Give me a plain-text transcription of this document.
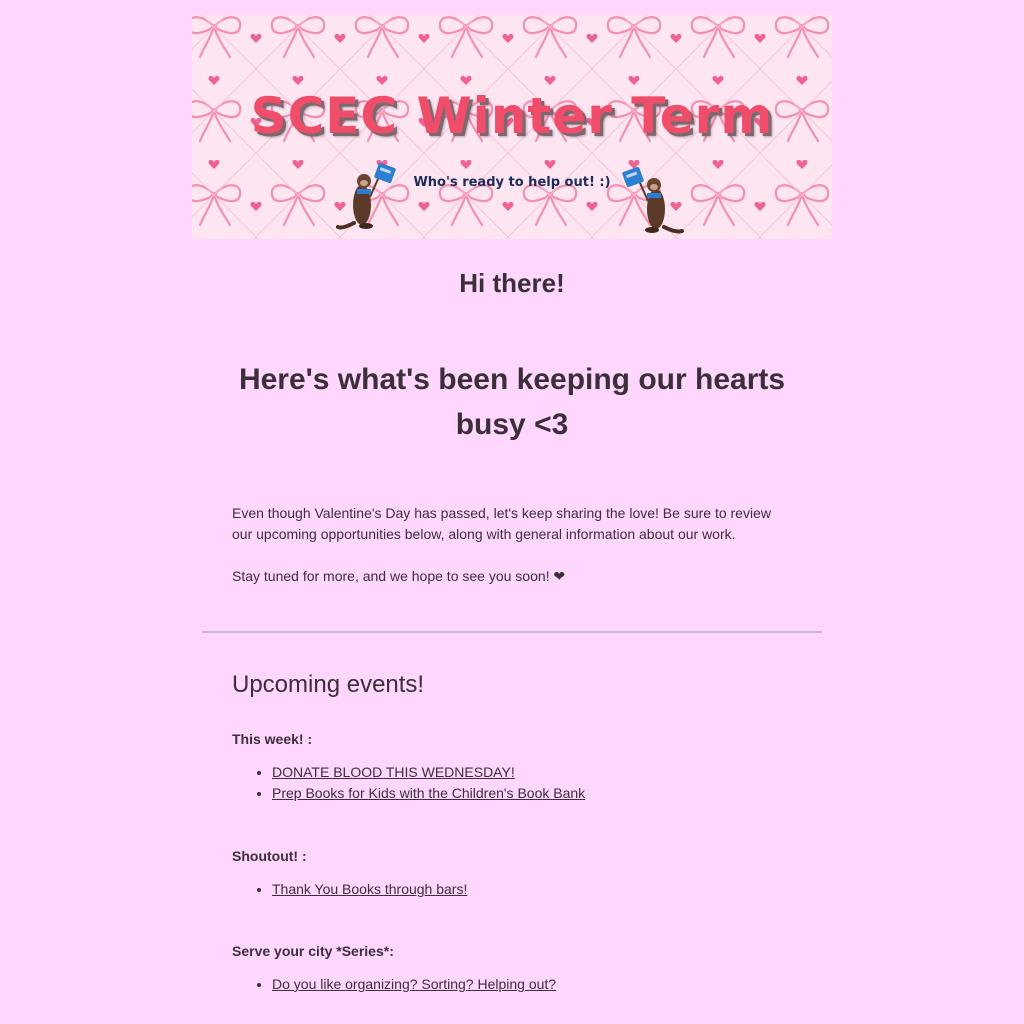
SCEC Winter Term
Who's ready to help out! :)
Hi there!
Here's what's been keeping our hearts busy <3

Even though Valentine's Day has passed, let's keep sharing the love! Be sure to review our upcoming opportunities below, along with general information about our work.

Stay tuned for more, and we hope to see you soon! ❤

Upcoming events!
This week! :
• DONATE BLOOD THIS WEDNESDAY!
• Prep Books for Kids with the Children's Book Bank
Shoutout! :
• Thank You Books through bars!
Serve your city *Series*:
• Do you like organizing? Sorting? Helping out?
